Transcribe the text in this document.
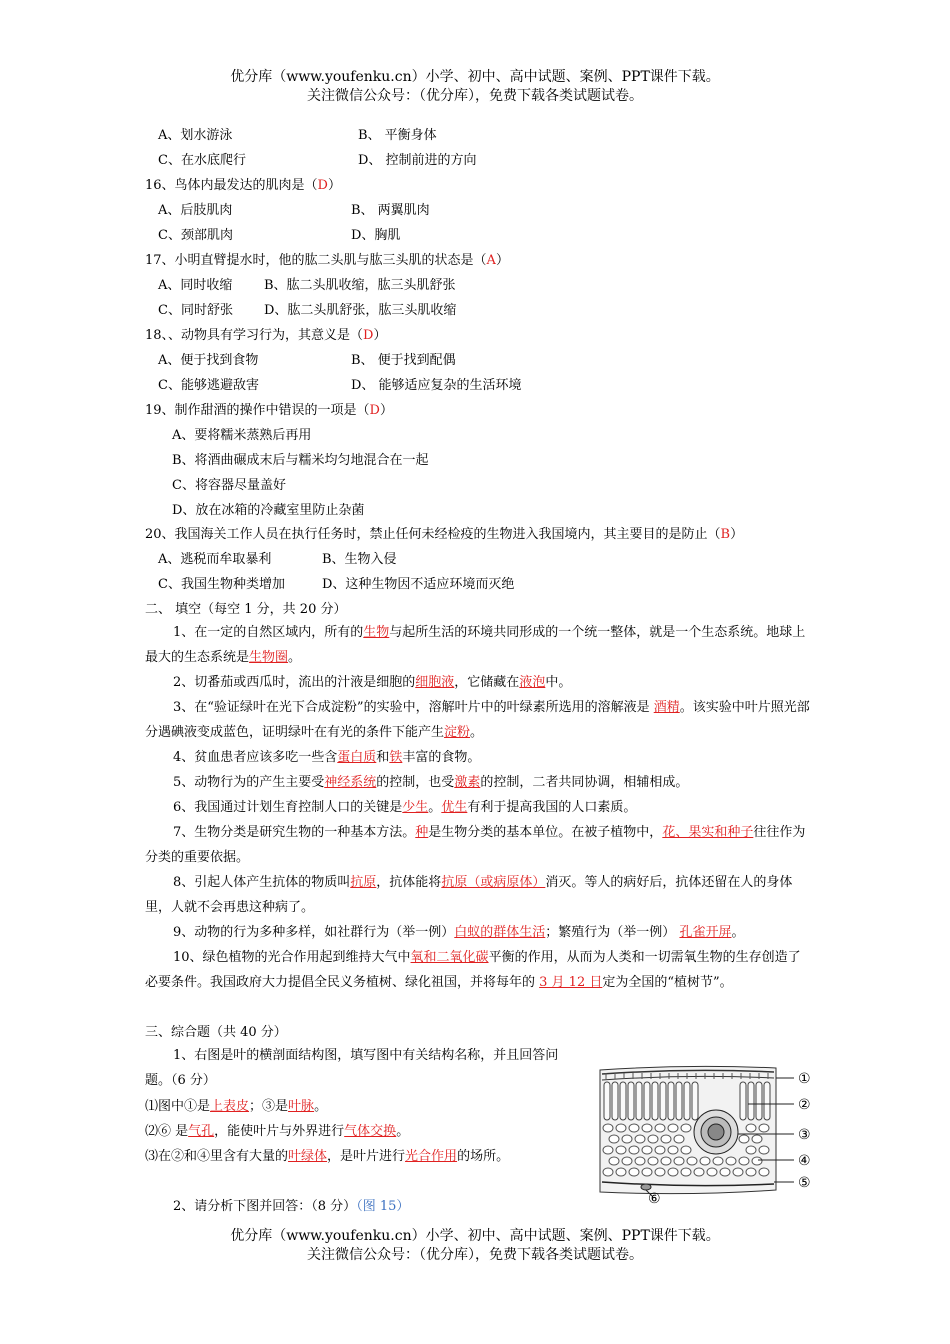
优分库（www.youfenku.cn）小学、初中、高中试题、案例、PPT课件下载。
关注微信公众号：（优分库），免费下载各类试题试卷。
A、划水游泳	B、 平衡身体
C、在水底爬行	D、 控制前进的方向
16、鸟体内最发达的肌肉是（D）
A、后肢肌肉	B、 两翼肌肉
C、颈部肌肉	D、胸肌
17、小明直臂提水时，他的肱二头肌与肱三头肌的状态是（A）
A、同时收缩 B、肱二头肌收缩，肱三头肌舒张
C、同时舒张 D、肱二头肌舒张，肱三头肌收缩
18、、动物具有学习行为，其意义是（D）
A、便于找到食物	B、 便于找到配偶
C、能够逃避敌害	D、 能够适应复杂的生活环境
19、制作甜酒的操作中错误的一项是（D）
A、要将糯米蒸熟后再用
B、将酒曲碾成末后与糯米均匀地混合在一起
C、将容器尽量盖好
D、放在冰箱的冷藏室里防止杂菌
20、我国海关工作人员在执行任务时，禁止任何未经检疫的生物进入我国境内，其主要目的是防止（B）
A、逃税而牟取暴利	B、生物入侵
C、我国生物种类增加	D、这种生物因不适应环境而灭绝
二、 填空（每空 1 分，共 20 分）
1、在一定的自然区域内，所有的生物与起所生活的环境共同形成的一个统一整体，就是一个生态系统。地球上最大的生态系统是生物圈。
2、切番茄或西瓜时，流出的汁液是细胞的细胞液，它储藏在液泡中。
3、在“验证绿叶在光下合成淀粉”的实验中，溶解叶片中的叶绿素所选用的溶解液是 酒精。该实验中叶片照光部分遇碘液变成蓝色，证明绿叶在有光的条件下能产生淀粉。
4、贫血患者应该多吃一些含蛋白质和铁丰富的食物。
5、动物行为的产生主要受神经系统的控制，也受激素的控制，二者共同协调，相辅相成。
6、我国通过计划生育控制人口的关键是少生。优生有利于提高我国的人口素质。
7、生物分类是研究生物的一种基本方法。种是生物分类的基本单位。在被子植物中，花、果实和种子往往作为分类的重要依据。
8、引起人体产生抗体的物质叫抗原，抗体能将抗原（或病原体）消灭。等人的病好后，抗体还留在人的身体里，人就不会再患这种病了。
9、动物的行为多种多样，如社群行为（举一例）白蚁的群体生活；繁殖行为（举一例） 孔雀开屏。
10、绿色植物的光合作用起到维持大气中氧和二氧化碳平衡的作用，从而为人类和一切需氧生物的生存创造了必要条件。我国政府大力提倡全民义务植树、绿化祖国，并将每年的 3 月 12 日定为全国的“植树节”。
三、综合题（共 40 分）
1、右图是叶的横剖面结构图，填写图中有关结构名称，并且回答问题。（6 分）
⑴图中①是上表皮；③是叶脉。
⑵⑥ 是气孔，能使叶片与外界进行气体交换。
⑶在②和④里含有大量的叶绿体，是叶片进行光合作用的场所。
2、请分析下图并回答：（8 分）（图 15）
①
②
③
④
⑤
⑥
优分库（www.youfenku.cn）小学、初中、高中试题、案例、PPT课件下载。
关注微信公众号：（优分库），免费下载各类试题试卷。
